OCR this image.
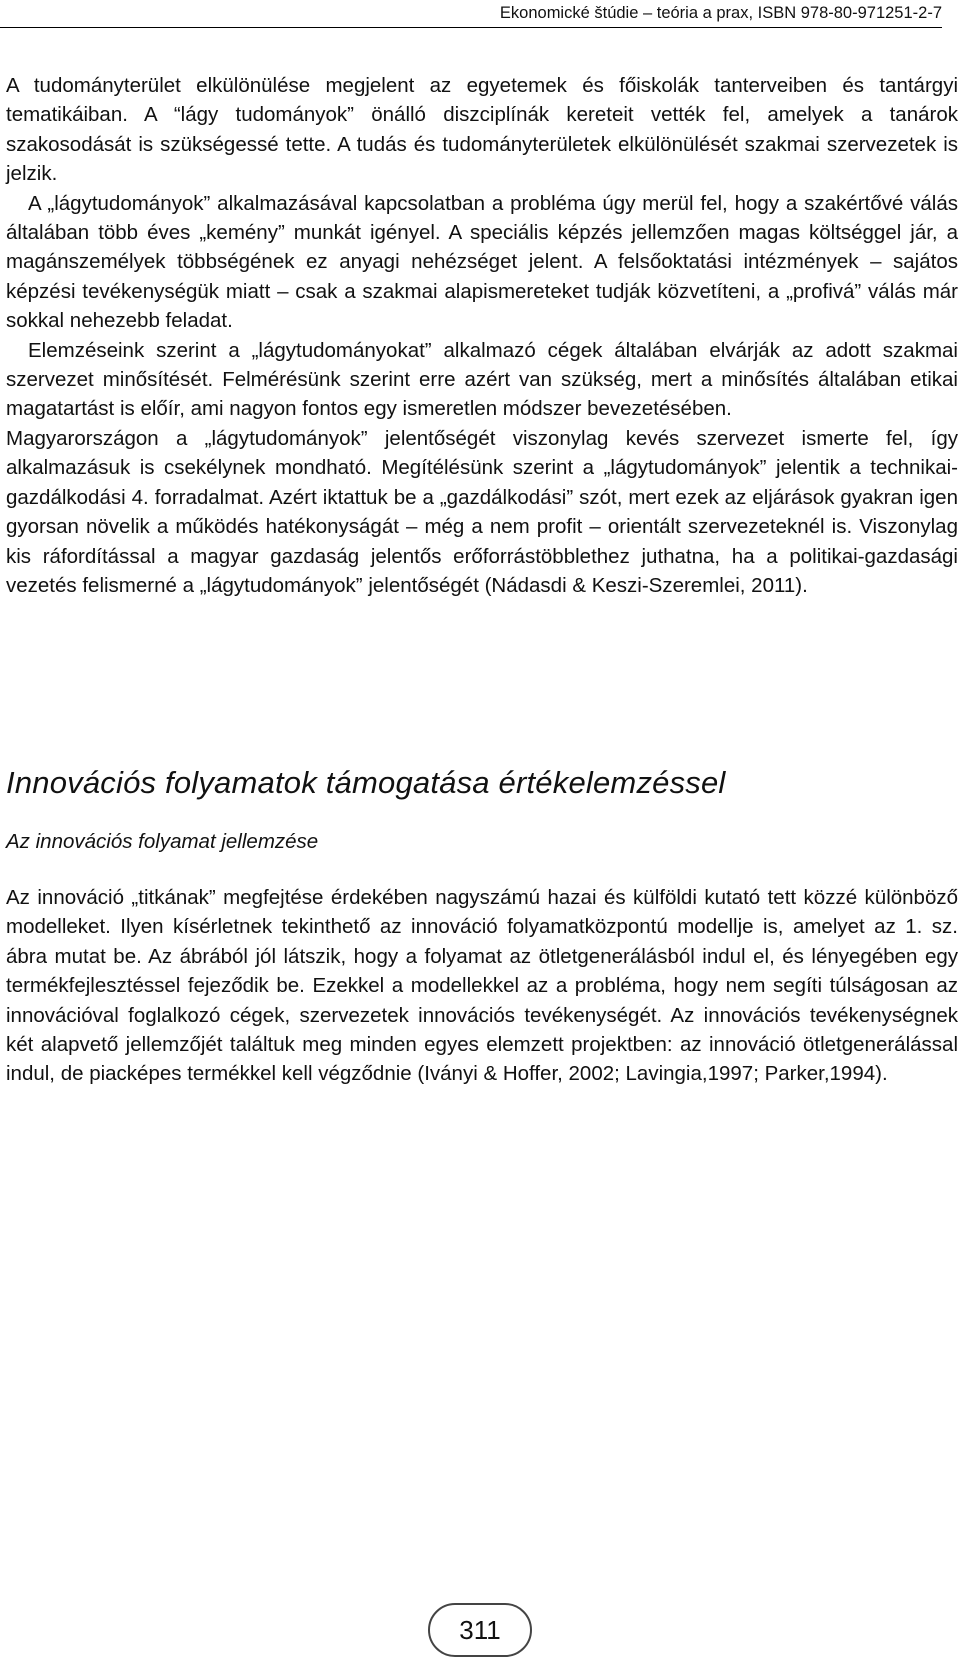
Ekonomické štúdie – teória a prax, ISBN 978-80-971251-2-7

A tudományterület elkülönülése megjelent az egyetemek és főiskolák tanterveiben és tantárgyi tematikáiban. A “lágy tudományok” önálló diszciplínák kereteit vették fel, amelyek a tanárok szakosodását is szükségessé tette. A tudás és tudományterületek elkülönülését szakmai szervezetek is jelzik.

A „lágytudományok” alkalmazásával kapcsolatban a probléma úgy merül fel, hogy a szakértővé válás általában több éves „kemény” munkát igényel. A speciális képzés jellemzően magas költséggel jár, a magánszemélyek többségének ez anyagi nehézséget jelent. A felsőoktatási intézmények – sajátos képzési tevékenységük miatt – csak a szakmai alapismereteket tudják közvetíteni, a „profivá” válás már sokkal nehezebb feladat.

Elemzéseink szerint a „lágytudományokat” alkalmazó cégek általában elvárják az adott szakmai szervezet minősítését. Felmérésünk szerint erre azért van szükség, mert a minősítés általában etikai magatartást is előír, ami nagyon fontos egy ismeretlen módszer bevezetésében.

Magyarországon a „lágytudományok” jelentőségét viszonylag kevés szervezet ismerte fel, így alkalmazásuk is csekélynek mondható. Megítélésünk szerint a „lágytudományok” jelentik a technikai-gazdálkodási 4. forradalmat. Azért iktattuk be a „gazdálkodási” szót, mert ezek az eljárások gyakran igen gyorsan növelik a működés hatékonyságát – még a nem profit – orientált szervezeteknél is. Viszonylag kis ráfordítással a magyar gazdaság jelentős erőforrástöbblethez juthatna, ha a politikai-gazdasági vezetés felismerné a „lágytudományok” jelentőségét (Nádasdi & Keszi-Szeremlei, 2011).

Innovációs folyamatok támogatása értékelemzéssel
Az innovációs folyamat jellemzése

Az innováció „titkának” megfejtése érdekében nagyszámú hazai és külföldi kutató tett közzé különböző modelleket. Ilyen kísérletnek tekinthető az innováció folyamatközpontú modellje is, amelyet az 1. sz. ábra mutat be. Az ábrából jól látszik, hogy a folyamat az ötletgenerálásból indul el, és lényegében egy termékfejlesztéssel fejeződik be. Ezekkel a modellekkel az a probléma, hogy nem segíti túlságosan az innovációval foglalkozó cégek, szervezetek innovációs tevékenységét. Az innovációs tevékenységnek két alapvető jellemzőjét találtuk meg minden egyes elemzett projektben: az innováció ötletgenerálással indul, de piacképes termékkel kell végződnie (Iványi & Hoffer, 2002; Lavingia,1997; Parker,1994).

311
